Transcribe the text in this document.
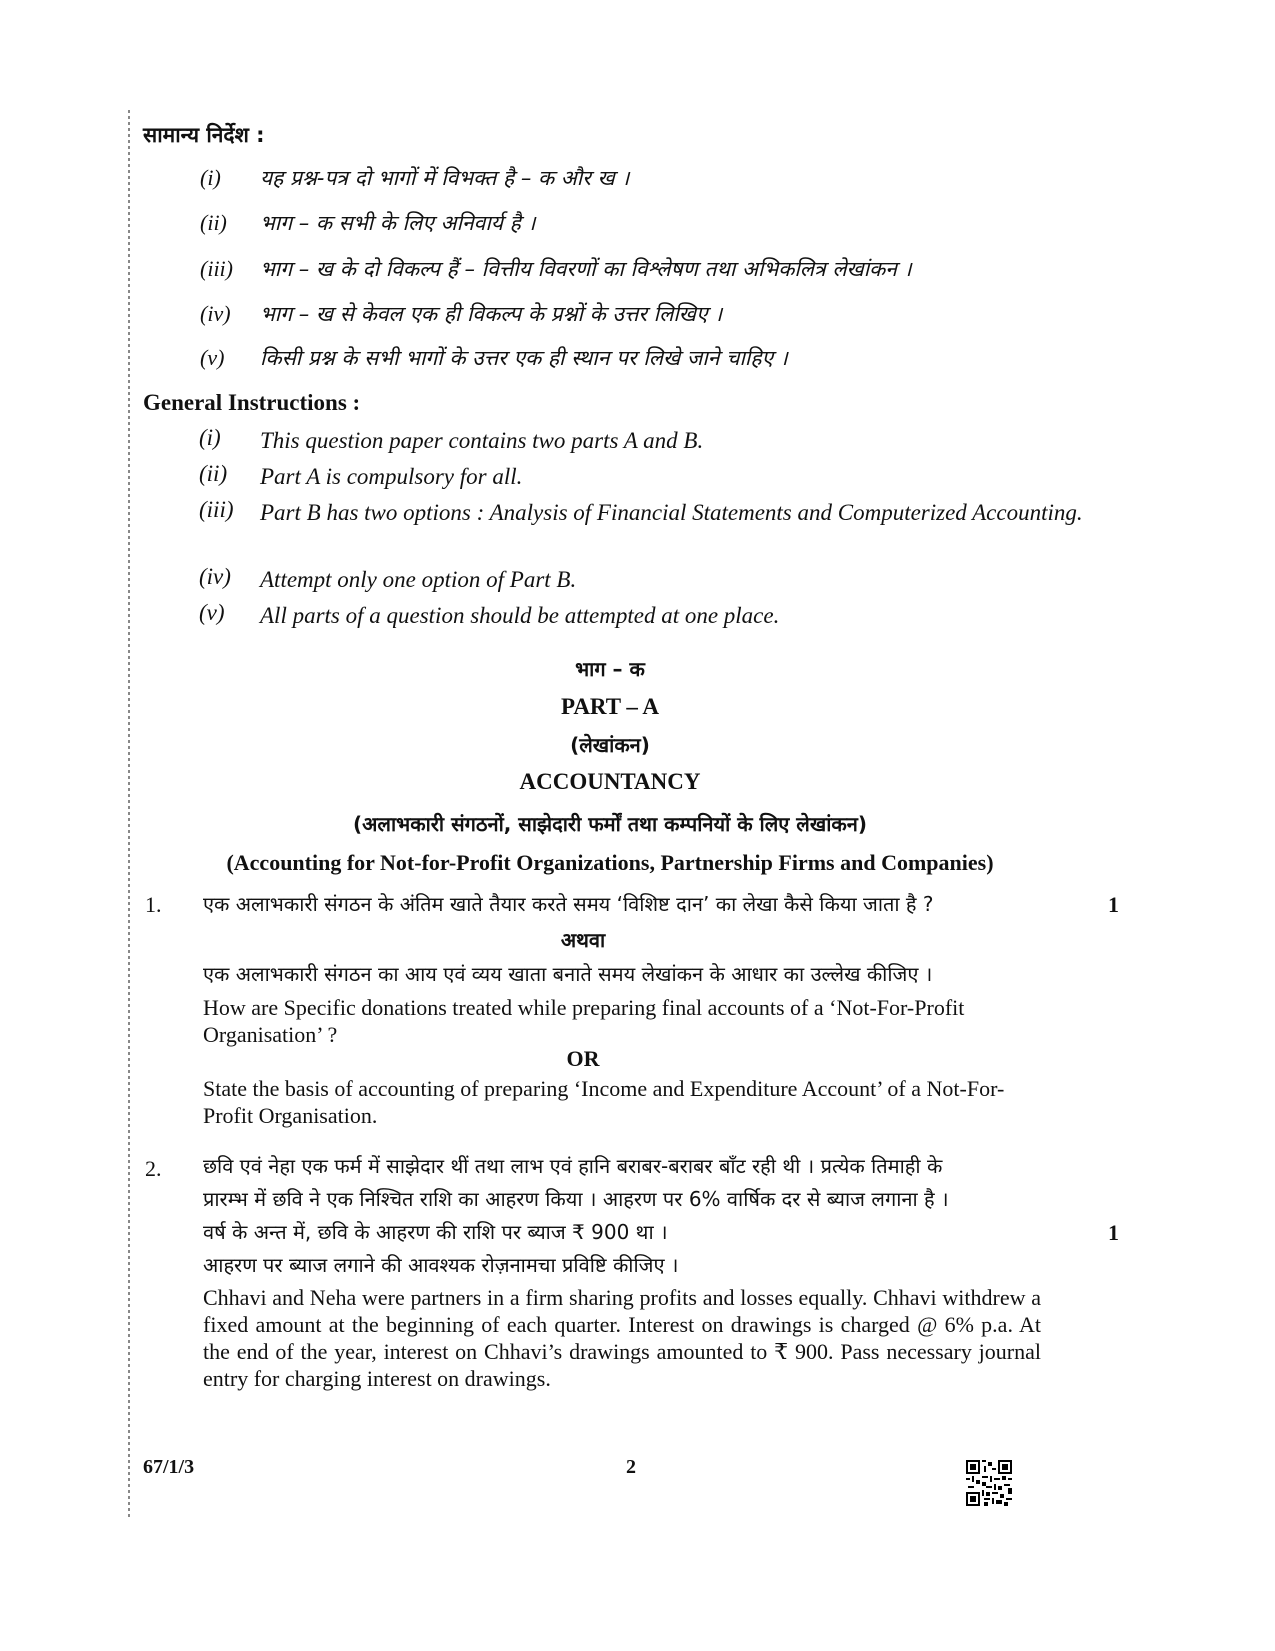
सामान्य निर्देश :
(i) यह प्रश्न-पत्र दो भागों में विभक्त है – क और ख ।
(ii) भाग – क सभी के लिए अनिवार्य है ।
(iii) भाग – ख के दो विकल्प हैं – वित्तीय विवरणों का विश्लेषण तथा अभिकलित्र लेखांकन ।
(iv) भाग – ख से केवल एक ही विकल्प के प्रश्नों के उत्तर लिखिए ।
(v) किसी प्रश्न के सभी भागों के उत्तर एक ही स्थान पर लिखे जाने चाहिए ।
General Instructions :
(i) This question paper contains two parts A and B.
(ii) Part A is compulsory for all.
(iii) Part B has two options : Analysis of Financial Statements and Computerized Accounting.
(iv) Attempt only one option of Part B.
(v) All parts of a question should be attempted at one place.
भाग – क
PART – A
(लेखांकन)
ACCOUNTANCY
(अलाभकारी संगठनों, साझेदारी फर्मों तथा कम्पनियों के लिए लेखांकन)
(Accounting for Not-for-Profit Organizations, Partnership Firms and Companies)
1. एक अलाभकारी संगठन के अंतिम खाते तैयार करते समय ‘विशिष्ट दान’ का लेखा कैसे किया जाता है ?	1
अथवा
एक अलाभकारी संगठन का आय एवं व्यय खाता बनाते समय लेखांकन के आधार का उल्लेख कीजिए ।
How are Specific donations treated while preparing final accounts of a ‘Not-For-Profit Organisation’ ?
OR
State the basis of accounting of preparing ‘Income and Expenditure Account’ of a Not-For-Profit Organisation.
2. छवि एवं नेहा एक फर्म में साझेदार थीं तथा लाभ एवं हानि बराबर-बराबर बाँट रही थी । प्रत्येक तिमाही के
प्रारम्भ में छवि ने एक निश्चित राशि का आहरण किया । आहरण पर 6% वार्षिक दर से ब्याज लगाना है ।
वर्ष के अन्त में, छवि के आहरण की राशि पर ब्याज ₹ 900 था ।	1
आहरण पर ब्याज लगाने की आवश्यक रोज़नामचा प्रविष्टि कीजिए ।
Chhavi and Neha were partners in a firm sharing profits and losses equally. Chhavi withdrew a fixed amount at the beginning of each quarter. Interest on drawings is charged @ 6% p.a. At the end of the year, interest on Chhavi’s drawings amounted to ₹ 900. Pass necessary journal entry for charging interest on drawings.
67/1/3	2
